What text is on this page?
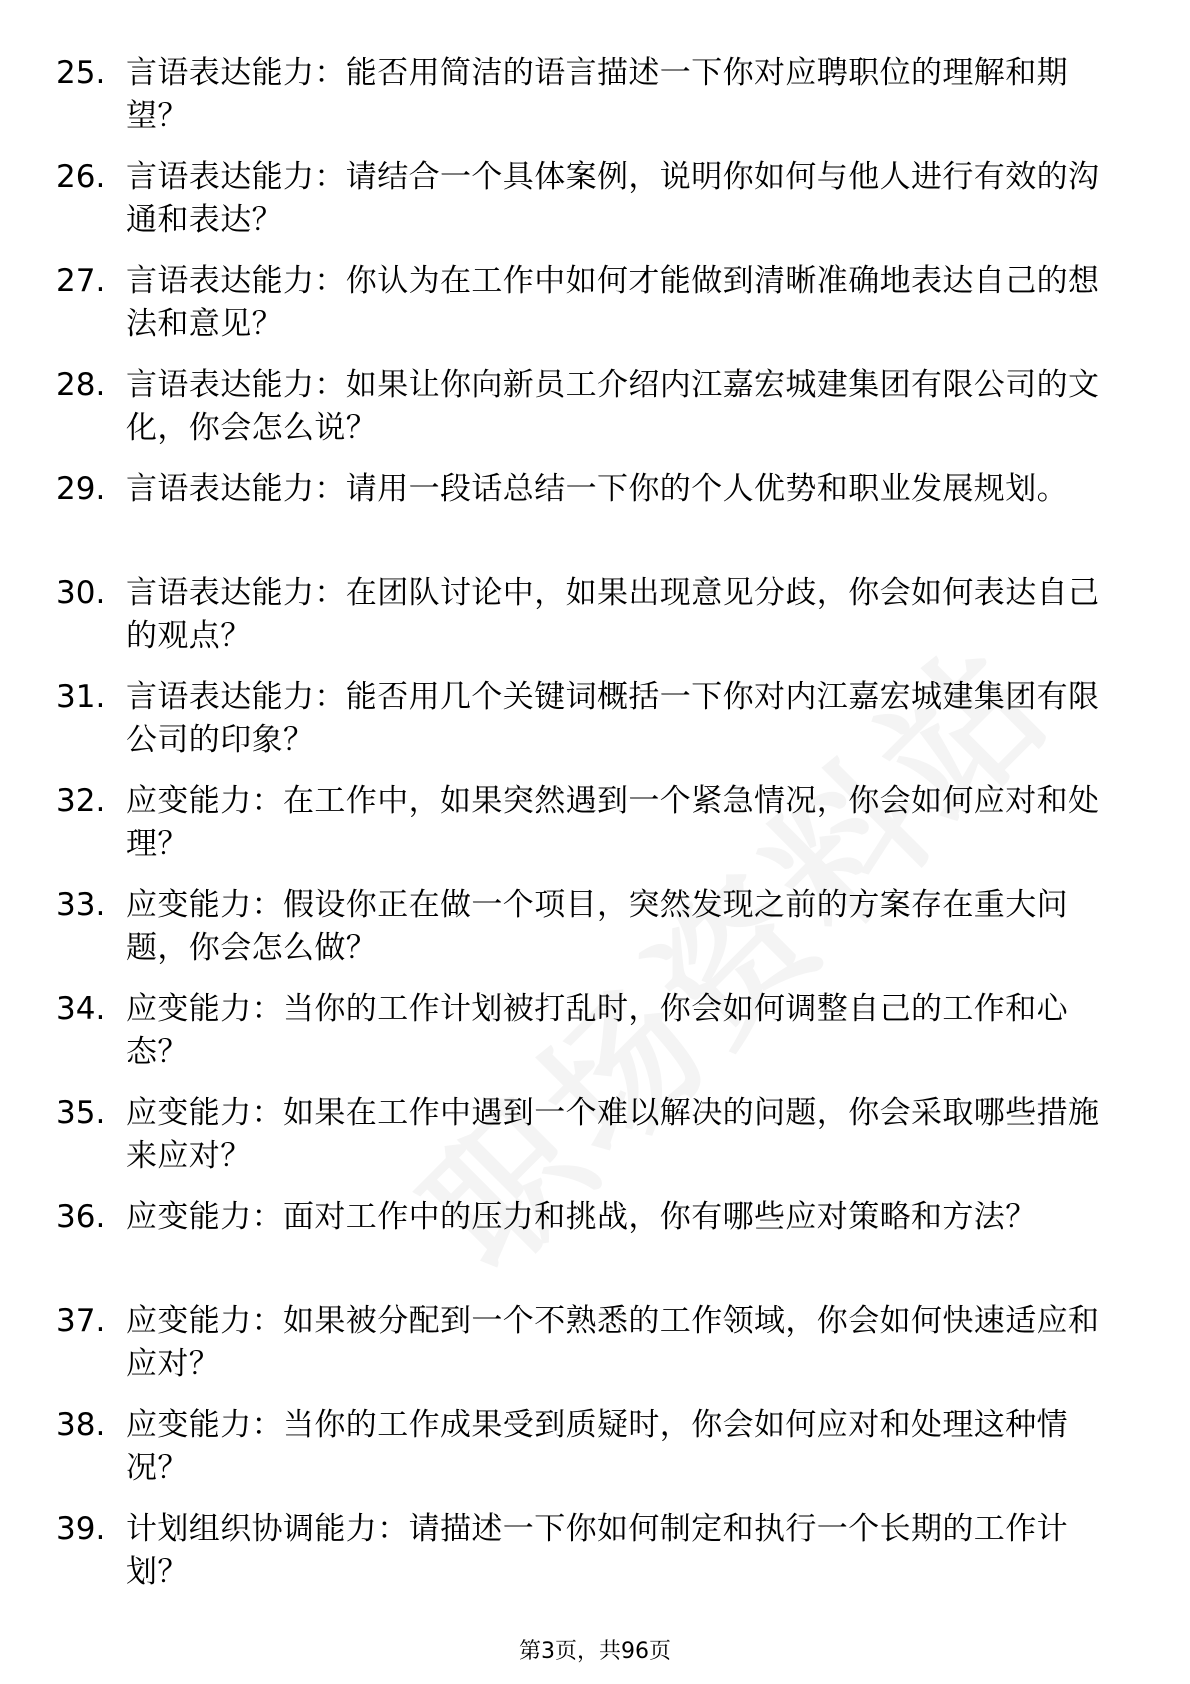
25. 言语表达能力：能否用简洁的语言描述一下你对应聘职位的理解和期望？
26. 言语表达能力：请结合一个具体案例，说明你如何与他人进行有效的沟通和表达？
27. 言语表达能力：你认为在工作中如何才能做到清晰准确地表达自己的想法和意见？
28. 言语表达能力：如果让你向新员工介绍内江嘉宏城建集团有限公司的文化，你会怎么说？
29. 言语表达能力：请用一段话总结一下你的个人优势和职业发展规划。
30. 言语表达能力：在团队讨论中，如果出现意见分歧，你会如何表达自己的观点？
31. 言语表达能力：能否用几个关键词概括一下你对内江嘉宏城建集团有限公司的印象？
32. 应变能力：在工作中，如果突然遇到一个紧急情况，你会如何应对和处理？
33. 应变能力：假设你正在做一个项目，突然发现之前的方案存在重大问题，你会怎么做？
34. 应变能力：当你的工作计划被打乱时，你会如何调整自己的工作和心态？
35. 应变能力：如果在工作中遇到一个难以解决的问题，你会采取哪些措施来应对？
36. 应变能力：面对工作中的压力和挑战，你有哪些应对策略和方法？
37. 应变能力：如果被分配到一个不熟悉的工作领域，你会如何快速适应和应对？
38. 应变能力：当你的工作成果受到质疑时，你会如何应对和处理这种情况？
39. 计划组织协调能力：请描述一下你如何制定和执行一个长期的工作计划？
第3页，共96页
